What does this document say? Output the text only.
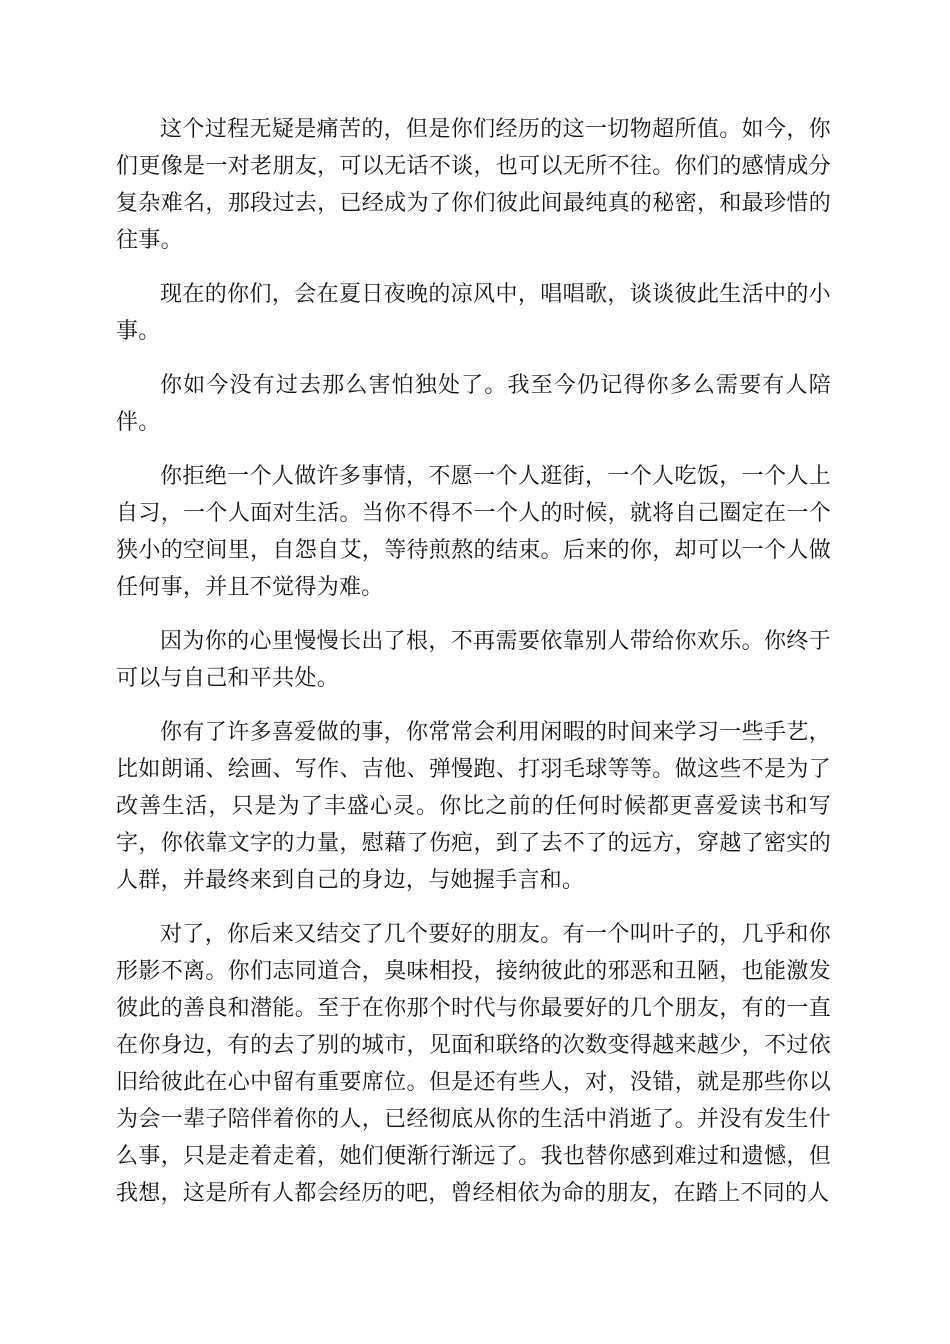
这个过程无疑是痛苦的，但是你们经历的这一切物超所值。如今，你们更像是一对老朋友，可以无话不谈，也可以无所不往。你们的感情成分复杂难名，那段过去，已经成为了你们彼此间最纯真的秘密，和最珍惜的往事。

现在的你们，会在夏日夜晚的凉风中，唱唱歌，谈谈彼此生活中的小事。

你如今没有过去那么害怕独处了。我至今仍记得你多么需要有人陪伴。

你拒绝一个人做许多事情，不愿一个人逛街，一个人吃饭，一个人上自习，一个人面对生活。当你不得不一个人的时候，就将自己圈定在一个狭小的空间里，自怨自艾，等待煎熬的结束。后来的你，却可以一个人做任何事，并且不觉得为难。

因为你的心里慢慢长出了根，不再需要依靠别人带给你欢乐。你终于可以与自己和平共处。

你有了许多喜爱做的事，你常常会利用闲暇的时间来学习一些手艺，比如朗诵、绘画、写作、吉他、弹慢跑、打羽毛球等等。做这些不是为了改善生活，只是为了丰盛心灵。你比之前的任何时候都更喜爱读书和写字，你依靠文字的力量，慰藉了伤疤，到了去不了的远方，穿越了密实的人群，并最终来到自己的身边，与她握手言和。

对了，你后来又结交了几个要好的朋友。有一个叫叶子的，几乎和你形影不离。你们志同道合，臭味相投，接纳彼此的邪恶和丑陋，也能激发彼此的善良和潜能。至于在你那个时代与你最要好的几个朋友，有的一直在你身边，有的去了别的城市，见面和联络的次数变得越来越少，不过依旧给彼此在心中留有重要席位。但是还有些人，对，没错，就是那些你以为会一辈子陪伴着你的人，已经彻底从你的生活中消逝了。并没有发生什么事，只是走着走着，她们便渐行渐远了。我也替你感到难过和遗憾，但我想，这是所有人都会经历的吧，曾经相依为命的朋友，在踏上不同的人
